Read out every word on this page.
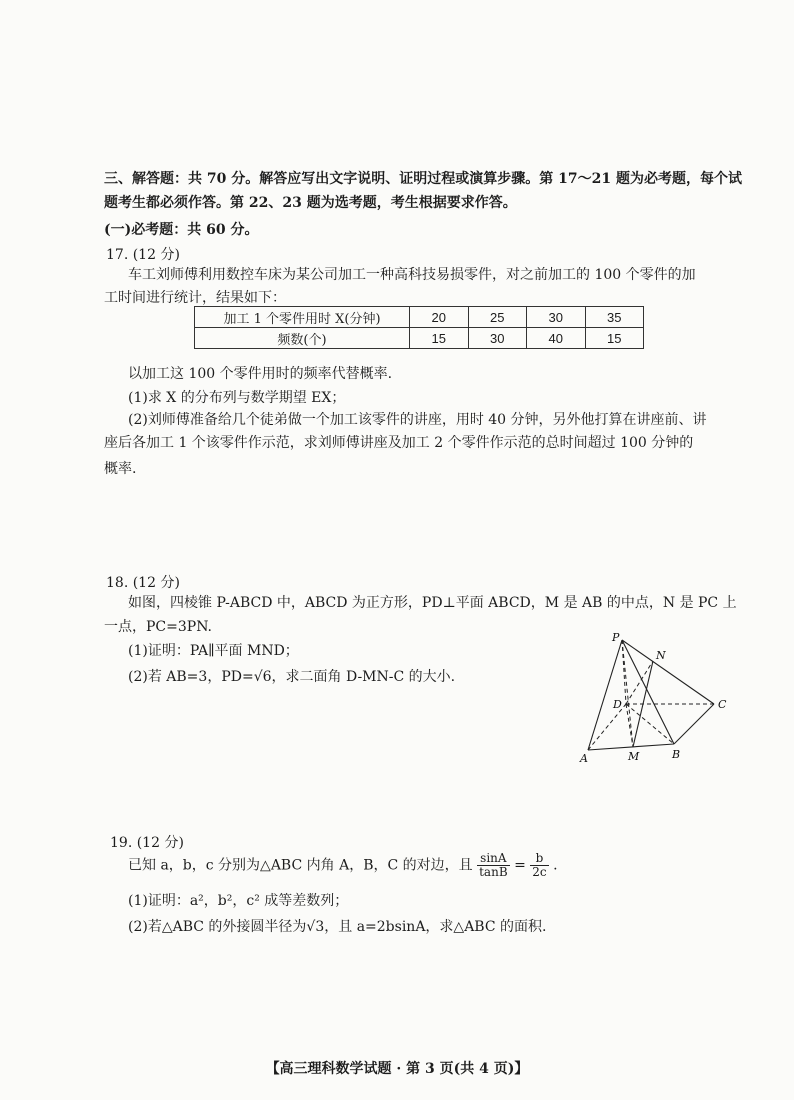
三、解答题：共 70 分。解答应写出文字说明、证明过程或演算步骤。第 17～21 题为必考题，每个试
题考生都必须作答。第 22、23 题为选考题，考生根据要求作答。
(一)必考题：共 60 分。
17. (12 分)
车工刘师傅利用数控车床为某公司加工一种高科技易损零件，对之前加工的 100 个零件的加
工时间进行统计，结果如下：
加工 1 个零件用时 X(分钟)	20	25	30	35
频数(个)	15	30	40	15
以加工这 100 个零件用时的频率代替概率.
(1)求 X 的分布列与数学期望 EX；
(2)刘师傅准备给几个徒弟做一个加工该零件的讲座，用时 40 分钟，另外他打算在讲座前、讲
座后各加工 1 个该零件作示范，求刘师傅讲座及加工 2 个零件作示范的总时间超过 100 分钟的
概率.
18. (12 分)
如图，四棱锥 P-ABCD 中，ABCD 为正方形，PD⊥平面 ABCD，M 是 AB 的中点，N 是 PC 上
一点，PC=3PN.
(1)证明：PA∥平面 MND；
(2)若 AB=3，PD=√6，求二面角 D-MN-C 的大小.
P
N
D	C
A	M	B
19. (12 分)
已知 a，b，c 分别为△ABC 内角 A，B，C 的对边，且 $\frac{\sin A}{\tan B} = \frac{b}{2c}$ .
(1)证明：a²，b²，c² 成等差数列；
(2)若△ABC 的外接圆半径为√3，且 a=2bsinA，求△ABC 的面积.
【高三理科数学试题 · 第 3 页(共 4 页)】
